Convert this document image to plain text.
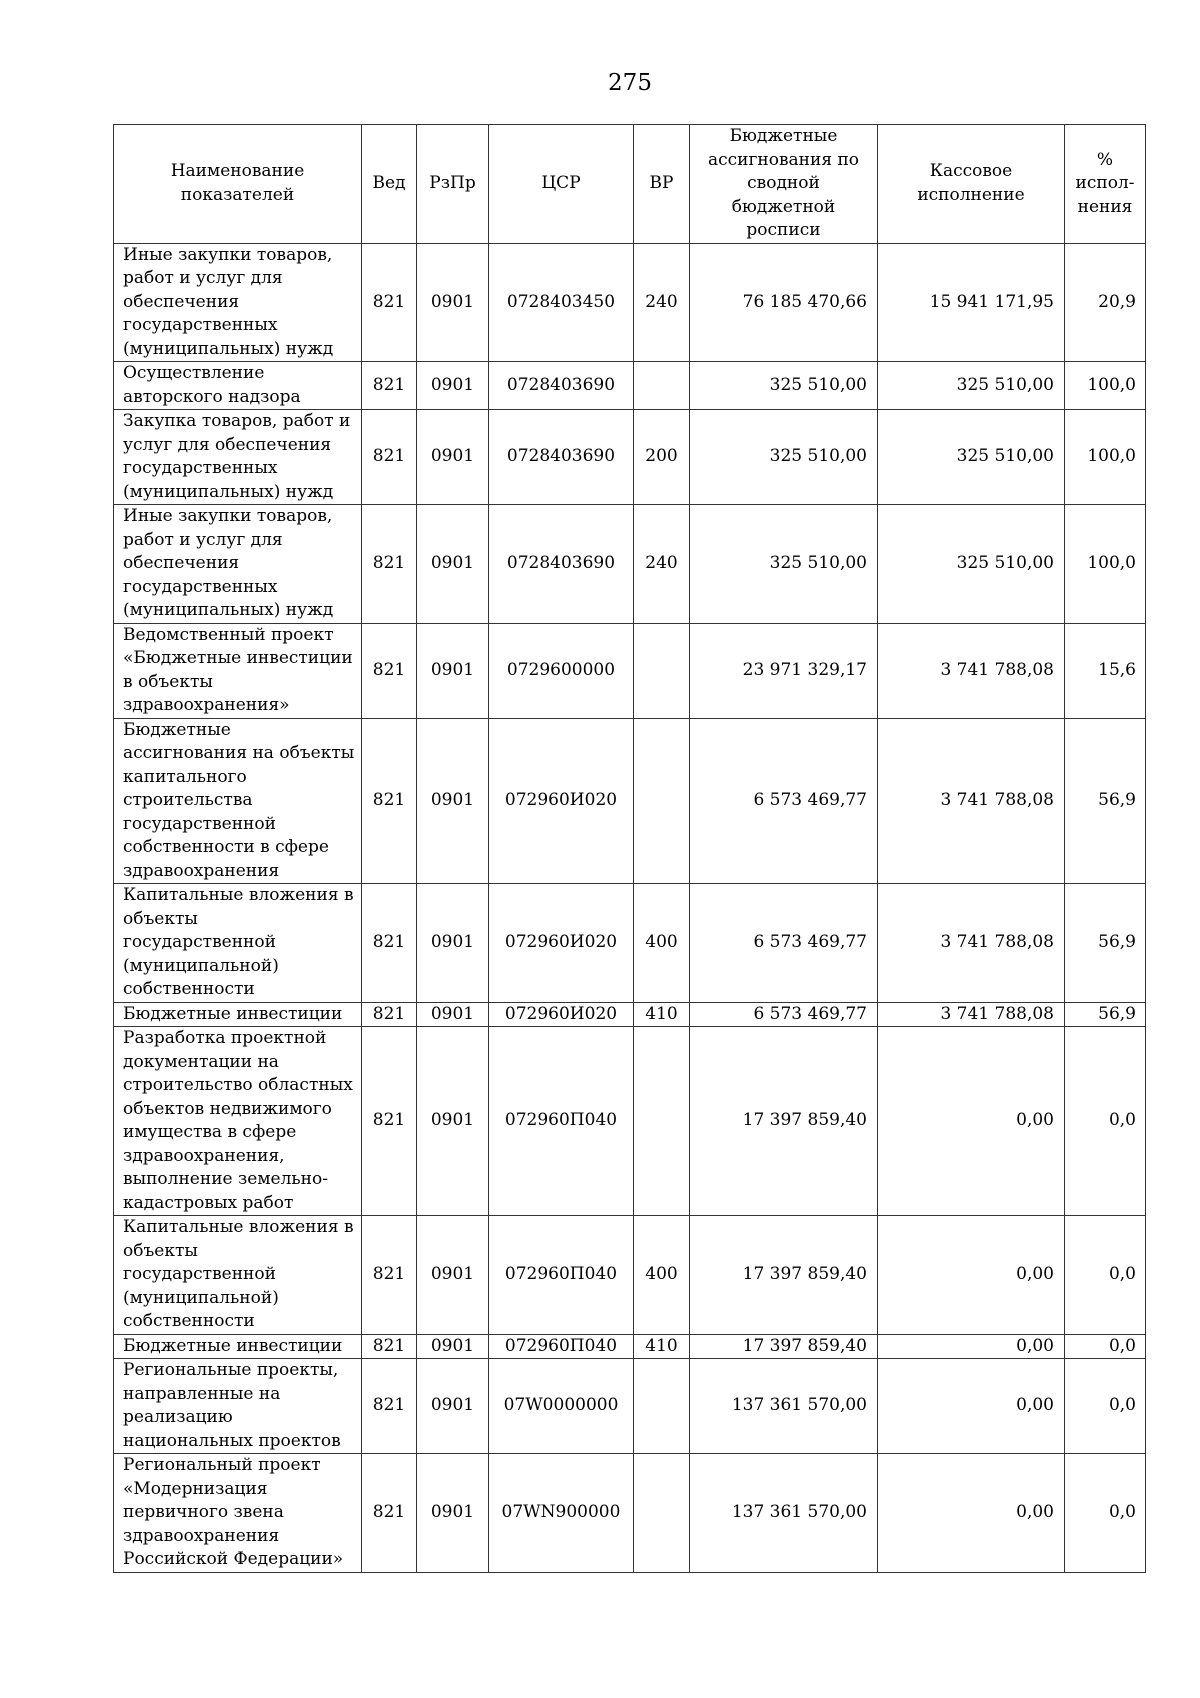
275
Наименование показателей	Вед	РзПр	ЦСР	ВР	Бюджетные ассигнования по сводной бюджетной росписи	Кассовое исполнение	% испол-нения
Иные закупки товаров, работ и услуг для обеспечения государственных (муниципальных) нужд	821	0901	0728403450	240	76 185 470,66	15 941 171,95	20,9
Осуществление авторского надзора	821	0901	0728403690		325 510,00	325 510,00	100,0
Закупка товаров, работ и услуг для обеспечения государственных (муниципальных) нужд	821	0901	0728403690	200	325 510,00	325 510,00	100,0
Иные закупки товаров, работ и услуг для обеспечения государственных (муниципальных) нужд	821	0901	0728403690	240	325 510,00	325 510,00	100,0
Ведомственный проект «Бюджетные инвестиции в объекты здравоохранения»	821	0901	0729600000		23 971 329,17	3 741 788,08	15,6
Бюджетные ассигнования на объекты капитального строительства государственной собственности в сфере здравоохранения	821	0901	072960И020		6 573 469,77	3 741 788,08	56,9
Капитальные вложения в объекты государственной (муниципальной) собственности	821	0901	072960И020	400	6 573 469,77	3 741 788,08	56,9
Бюджетные инвестиции	821	0901	072960И020	410	6 573 469,77	3 741 788,08	56,9
Разработка проектной документации на строительство областных объектов недвижимого имущества в сфере здравоохранения, выполнение земельно-кадастровых работ	821	0901	072960П040		17 397 859,40	0,00	0,0
Капитальные вложения в объекты государственной (муниципальной) собственности	821	0901	072960П040	400	17 397 859,40	0,00	0,0
Бюджетные инвестиции	821	0901	072960П040	410	17 397 859,40	0,00	0,0
Региональные проекты, направленные на реализацию национальных проектов	821	0901	07W0000000		137 361 570,00	0,00	0,0
Региональный проект «Модернизация первичного звена здравоохранения Российской Федерации»	821	0901	07WN900000		137 361 570,00	0,00	0,0
